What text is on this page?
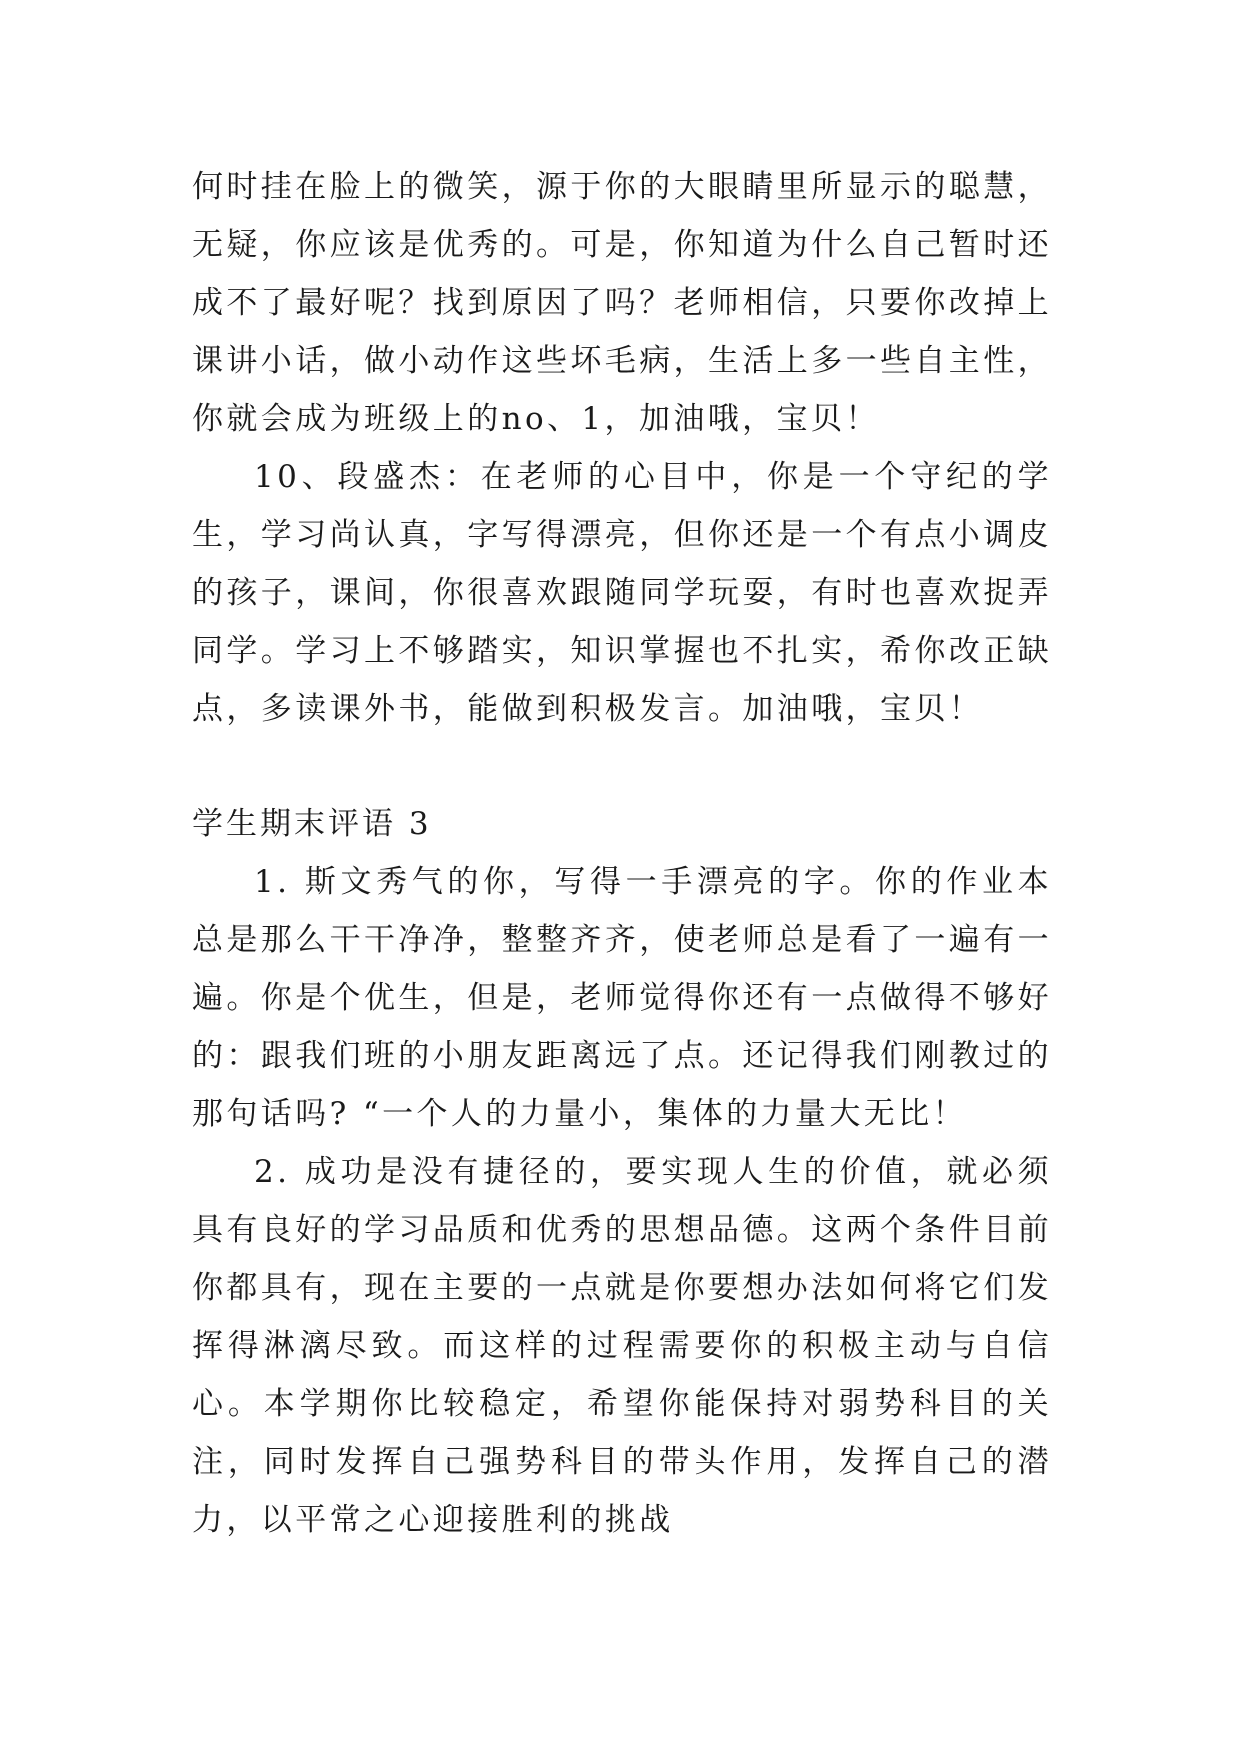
何时挂在脸上的微笑，源于你的大眼睛里所显示的聪慧，无疑，你应该是优秀的。可是，你知道为什么自己暂时还成不了最好呢？找到原因了吗？老师相信，只要你改掉上课讲小话，做小动作这些坏毛病，生活上多一些自主性，你就会成为班级上的no、1，加油哦，宝贝！
10、段盛杰：在老师的心目中，你是一个守纪的学生，学习尚认真，字写得漂亮，但你还是一个有点小调皮的孩子，课间，你很喜欢跟随同学玩耍，有时也喜欢捉弄同学。学习上不够踏实，知识掌握也不扎实，希你改正缺点，多读课外书，能做到积极发言。加油哦，宝贝！
学生期末评语 3
1. 斯文秀气的你，写得一手漂亮的字。你的作业本总是那么干干净净，整整齐齐，使老师总是看了一遍有一遍。你是个优生，但是，老师觉得你还有一点做得不够好的：跟我们班的小朋友距离远了点。还记得我们刚教过的那句话吗? “一个人的力量小，集体的力量大无比！
2. 成功是没有捷径的，要实现人生的价值，就必须具有良好的学习品质和优秀的思想品德。这两个条件目前你都具有，现在主要的一点就是你要想办法如何将它们发挥得淋漓尽致。而这样的过程需要你的积极主动与自信心。本学期你比较稳定，希望你能保持对弱势科目的关注，同时发挥自己强势科目的带头作用，发挥自己的潜力，以平常之心迎接胜利的挑战
